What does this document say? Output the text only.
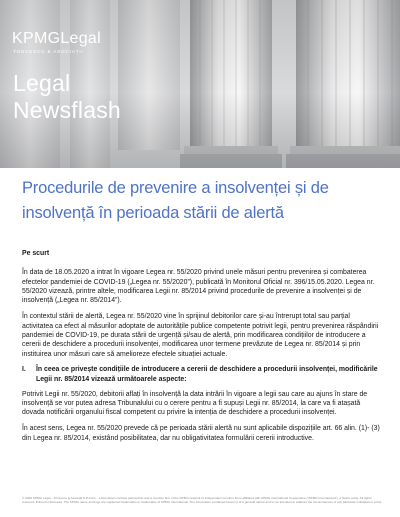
KPMGLegal
TONCESCU & ASOCIAȚII
Legal
Newsflash
Procedurile de prevenire a insolvenței și de
insolvență în perioada stării de alertă

Pe scurt

În data de 18.05.2020 a intrat în vigoare Legea nr. 55/2020 privind unele măsuri pentru prevenirea și combaterea efectelor pandemiei de COVID-19 („Legea nr. 55/2020”), publicată în Monitorul Oficial nr. 396/15.05.2020. Legea nr. 55/2020 vizează, printre altele, modificarea Legii nr. 85/2014 privind procedurile de prevenire a insolvenței și de insolvență („Legea nr. 85/2014”).

În contextul stării de alertă, Legea nr. 55/2020 vine în sprijinul debitorilor care și-au întrerupt total sau parțial activitatea ca efect al măsurilor adoptate de autoritățile publice competente potrivit legii, pentru prevenirea răspândirii pandemiei de COVID-19, pe durata stării de urgență și/sau de alertă, prin modificarea condițiilor de introducere a cererii de deschidere a procedurii insolvenței, modificarea unor termene prevăzute de Legea nr. 85/2014 și prin instituirea unor măsuri care să amelioreze efectele situației actuale.

I.	În ceea ce privește condițiile de introducere a cererii de deschidere a procedurii insolvenței, modificările Legii nr. 85/2014 vizează următoarele aspecte:

Potrivit Legii nr. 55/2020, debitorii aflați în insolvență la data intrării în vigoare a legii sau care au ajuns în stare de insolvență se vor putea adresa Tribunalului cu o cerere pentru a fi supuși Legii nr. 85/2014, la care va fi atașată dovada notificării organului fiscal competent cu privire la intenția de deschidere a procedurii insolvenței.

În acest sens, Legea nr. 55/2020 prevede că pe perioada stării alertă nu sunt aplicabile dispozițiile art. 66 alin. (1)- (3) din Legea nr. 85/2014, existând posibilitatea, dar nu obligativitatea formulării cererii introductive.

© 2020 KPMG Legal – Toncescu și Asociații S.P.A.R.L., a Romanian civil law partnership and a member firm of the KPMG network of independent member firms affiliated with KPMG International Cooperative ("KPMG International"), a Swiss entity. All rights reserved. Printed in Romania. The KPMG name and logo are registered trademarks or trademarks of KPMG International. The information contained herein is of a general nature and is not intended to address the circumstances of any particular individual or entity.
